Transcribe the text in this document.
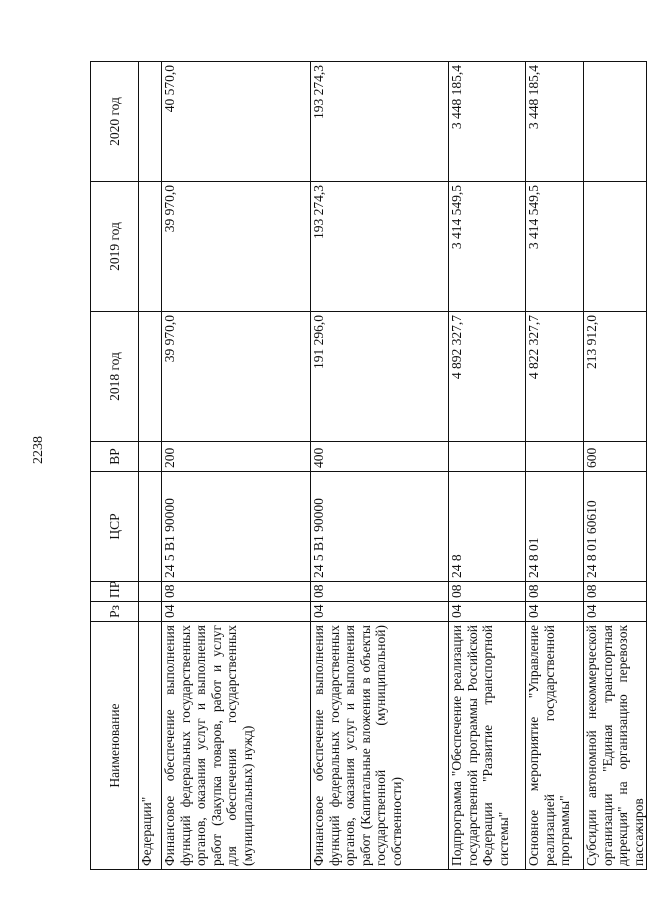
2238
Наименование	Рз	ПР	ЦСР	ВР	2018 год	2019 год	2020 год
Федерации"							
Финансовое обеспечение выполнения функций федеральных государственных органов, оказания услуг и выполнения работ (Закупка товаров, работ и услуг для обеспечения государственных (муниципальных) нужд)	04	08	24 5 B1 90000	200	39 970,0	39 970,0	40 570,0
Финансовое обеспечение выполнения функций федеральных государственных органов, оказания услуг и выполнения работ (Капитальные вложения в объекты государственной (муниципальной) собственности)	04	08	24 5 B1 90000	400	191 296,0	193 274,3	193 274,3
Подпрограмма "Обеспечение реализации государственной программы Российской Федерации "Развитие транспортной системы"	04	08	24 8		4 892 327,7	3 414 549,5	3 448 185,4
Основное мероприятие "Управление реализацией государственной программы"	04	08	24 8 01		4 822 327,7	3 414 549,5	3 448 185,4
Субсидии автономной некоммерческой организации "Единая транспортная дирекция" на организацию перевозок пассажиров	04	08	24 8 01 60610	600	213 912,0		
